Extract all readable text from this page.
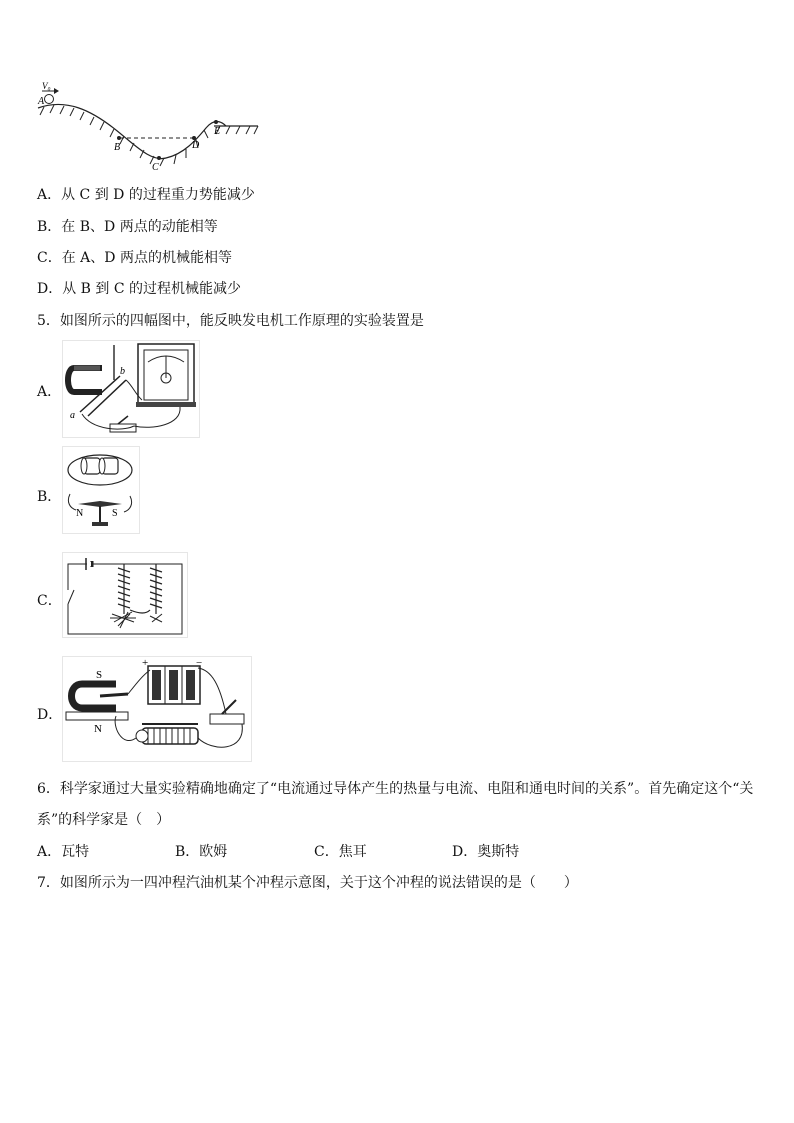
V₀
A
B
C
D
E
A．从 C 到 D 的过程重力势能减少
B．在 B、D 两点的动能相等
C．在 A、D 两点的机械能相等
D．从 B 到 C 的过程机械能减少
5．如图所示的四幅图中，能反映发电机工作原理的实验装置是
A．
a
b
B．
N	S
C．
D．
S
N
+	−
6．科学家通过大量实验精确地确定了“电流通过导体产生的热量与电流、电阻和通电时间的关系”。首先确定这个“关
系”的科学家是（　）
A．瓦特	B．欧姆	C．焦耳	D．奥斯特
7．如图所示为一四冲程汽油机某个冲程示意图，关于这个冲程的说法错误的是（　　）
